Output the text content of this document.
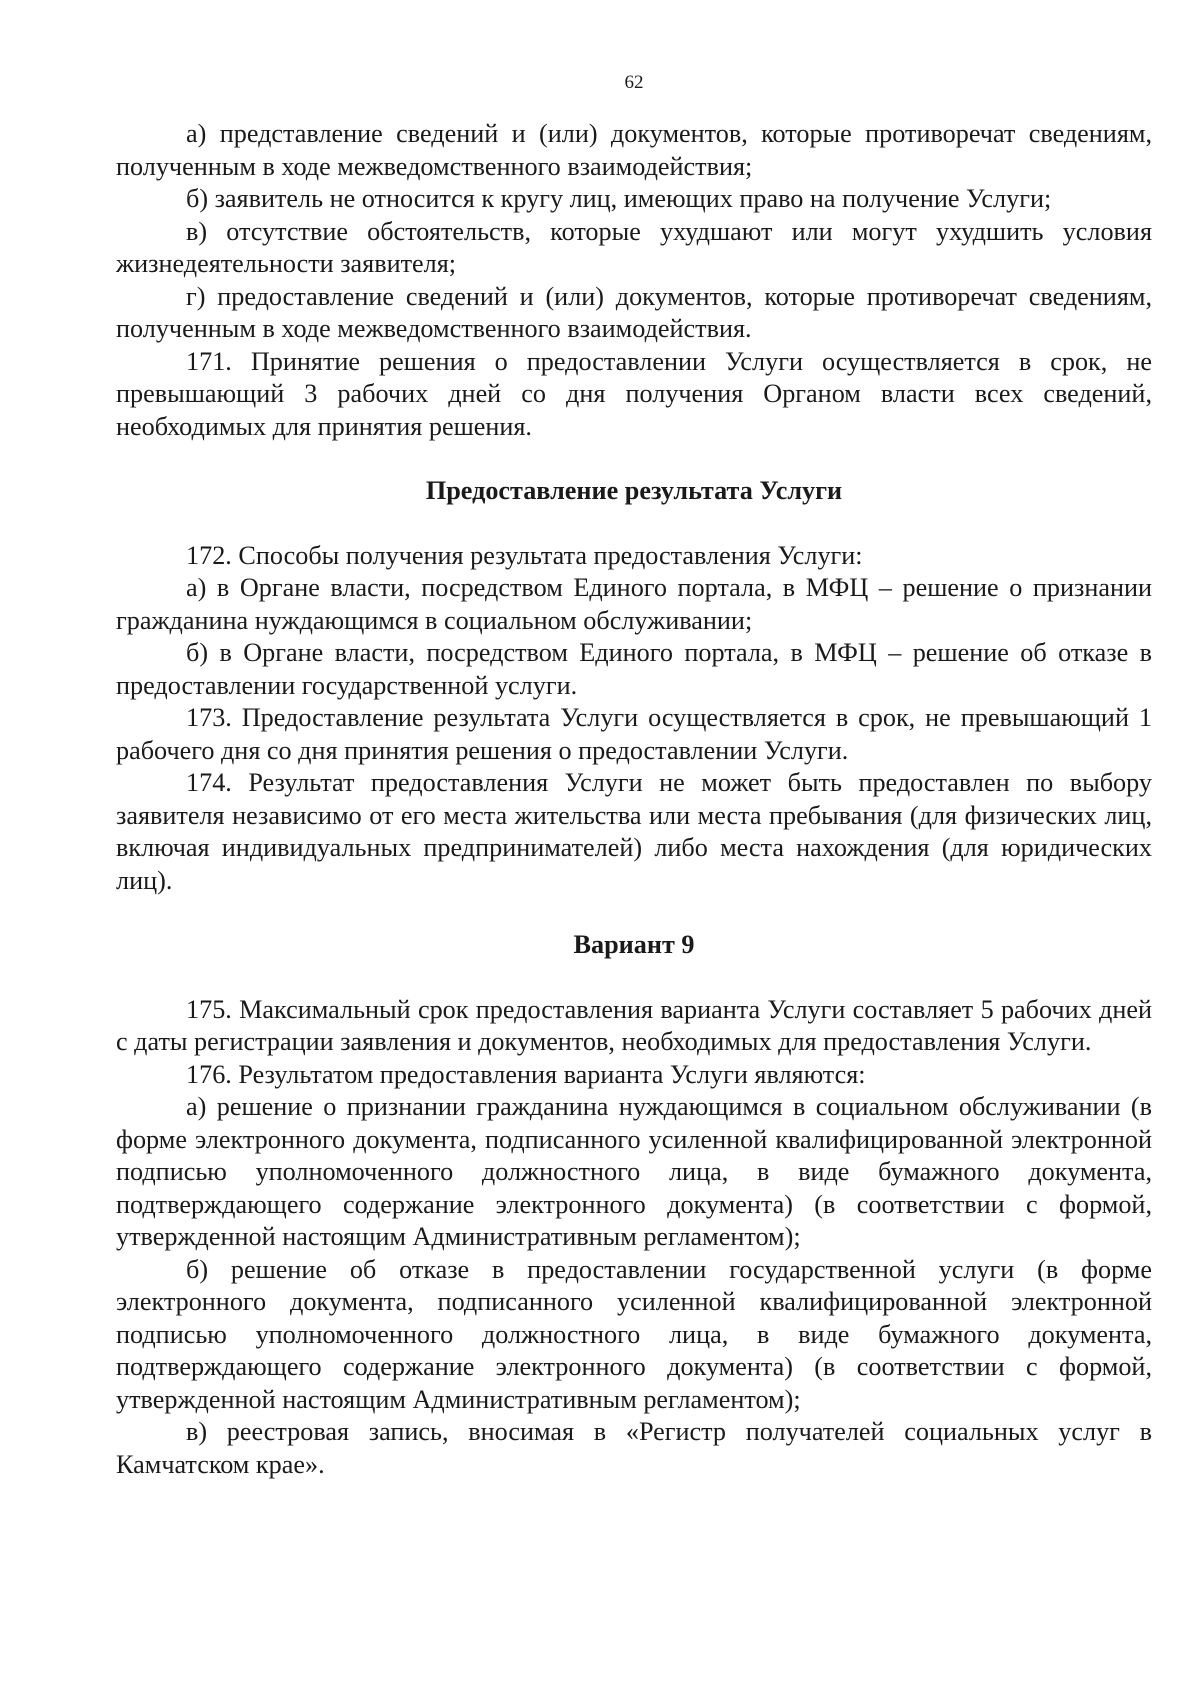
62

а) представление сведений и (или) документов, которые противоречат сведениям, полученным в ходе межведомственного взаимодействия;

б) заявитель не относится к кругу лиц, имеющих право на получение Услуги;

в) отсутствие обстоятельств, которые ухудшают или могут ухудшить условия жизнедеятельности заявителя;

г) предоставление сведений и (или) документов, которые противоречат сведениям, полученным в ходе межведомственного взаимодействия.

171. Принятие решения о предоставлении Услуги осуществляется в срок, не превышающий 3 рабочих дней со дня получения Органом власти всех сведений, необходимых для принятия решения.

Предоставление результата Услуги

172. Способы получения результата предоставления Услуги:

а) в Органе власти, посредством Единого портала, в МФЦ – решение о признании гражданина нуждающимся в социальном обслуживании;

б) в Органе власти, посредством Единого портала, в МФЦ – решение об отказе в предоставлении государственной услуги.

173. Предоставление результата Услуги осуществляется в срок, не превышающий 1 рабочего дня со дня принятия решения о предоставлении Услуги.

174. Результат предоставления Услуги не может быть предоставлен по выбору заявителя независимо от его места жительства или места пребывания (для физических лиц, включая индивидуальных предпринимателей) либо места нахождения (для юридических лиц).

Вариант 9

175. Максимальный срок предоставления варианта Услуги составляет 5 рабочих дней с даты регистрации заявления и документов, необходимых для предоставления Услуги.

176. Результатом предоставления варианта Услуги являются:

а) решение о признании гражданина нуждающимся в социальном обслуживании (в форме электронного документа, подписанного усиленной квалифицированной электронной подписью уполномоченного должностного лица, в виде бумажного документа, подтверждающего содержание электронного документа) (в соответствии с формой, утвержденной настоящим Административным регламентом);

б) решение об отказе в предоставлении государственной услуги (в форме электронного документа, подписанного усиленной квалифицированной электронной подписью уполномоченного должностного лица, в виде бумажного документа, подтверждающего содержание электронного документа) (в соответствии с формой, утвержденной настоящим Административным регламентом);

в) реестровая запись, вносимая в «Регистр получателей социальных услуг в Камчатском крае».
